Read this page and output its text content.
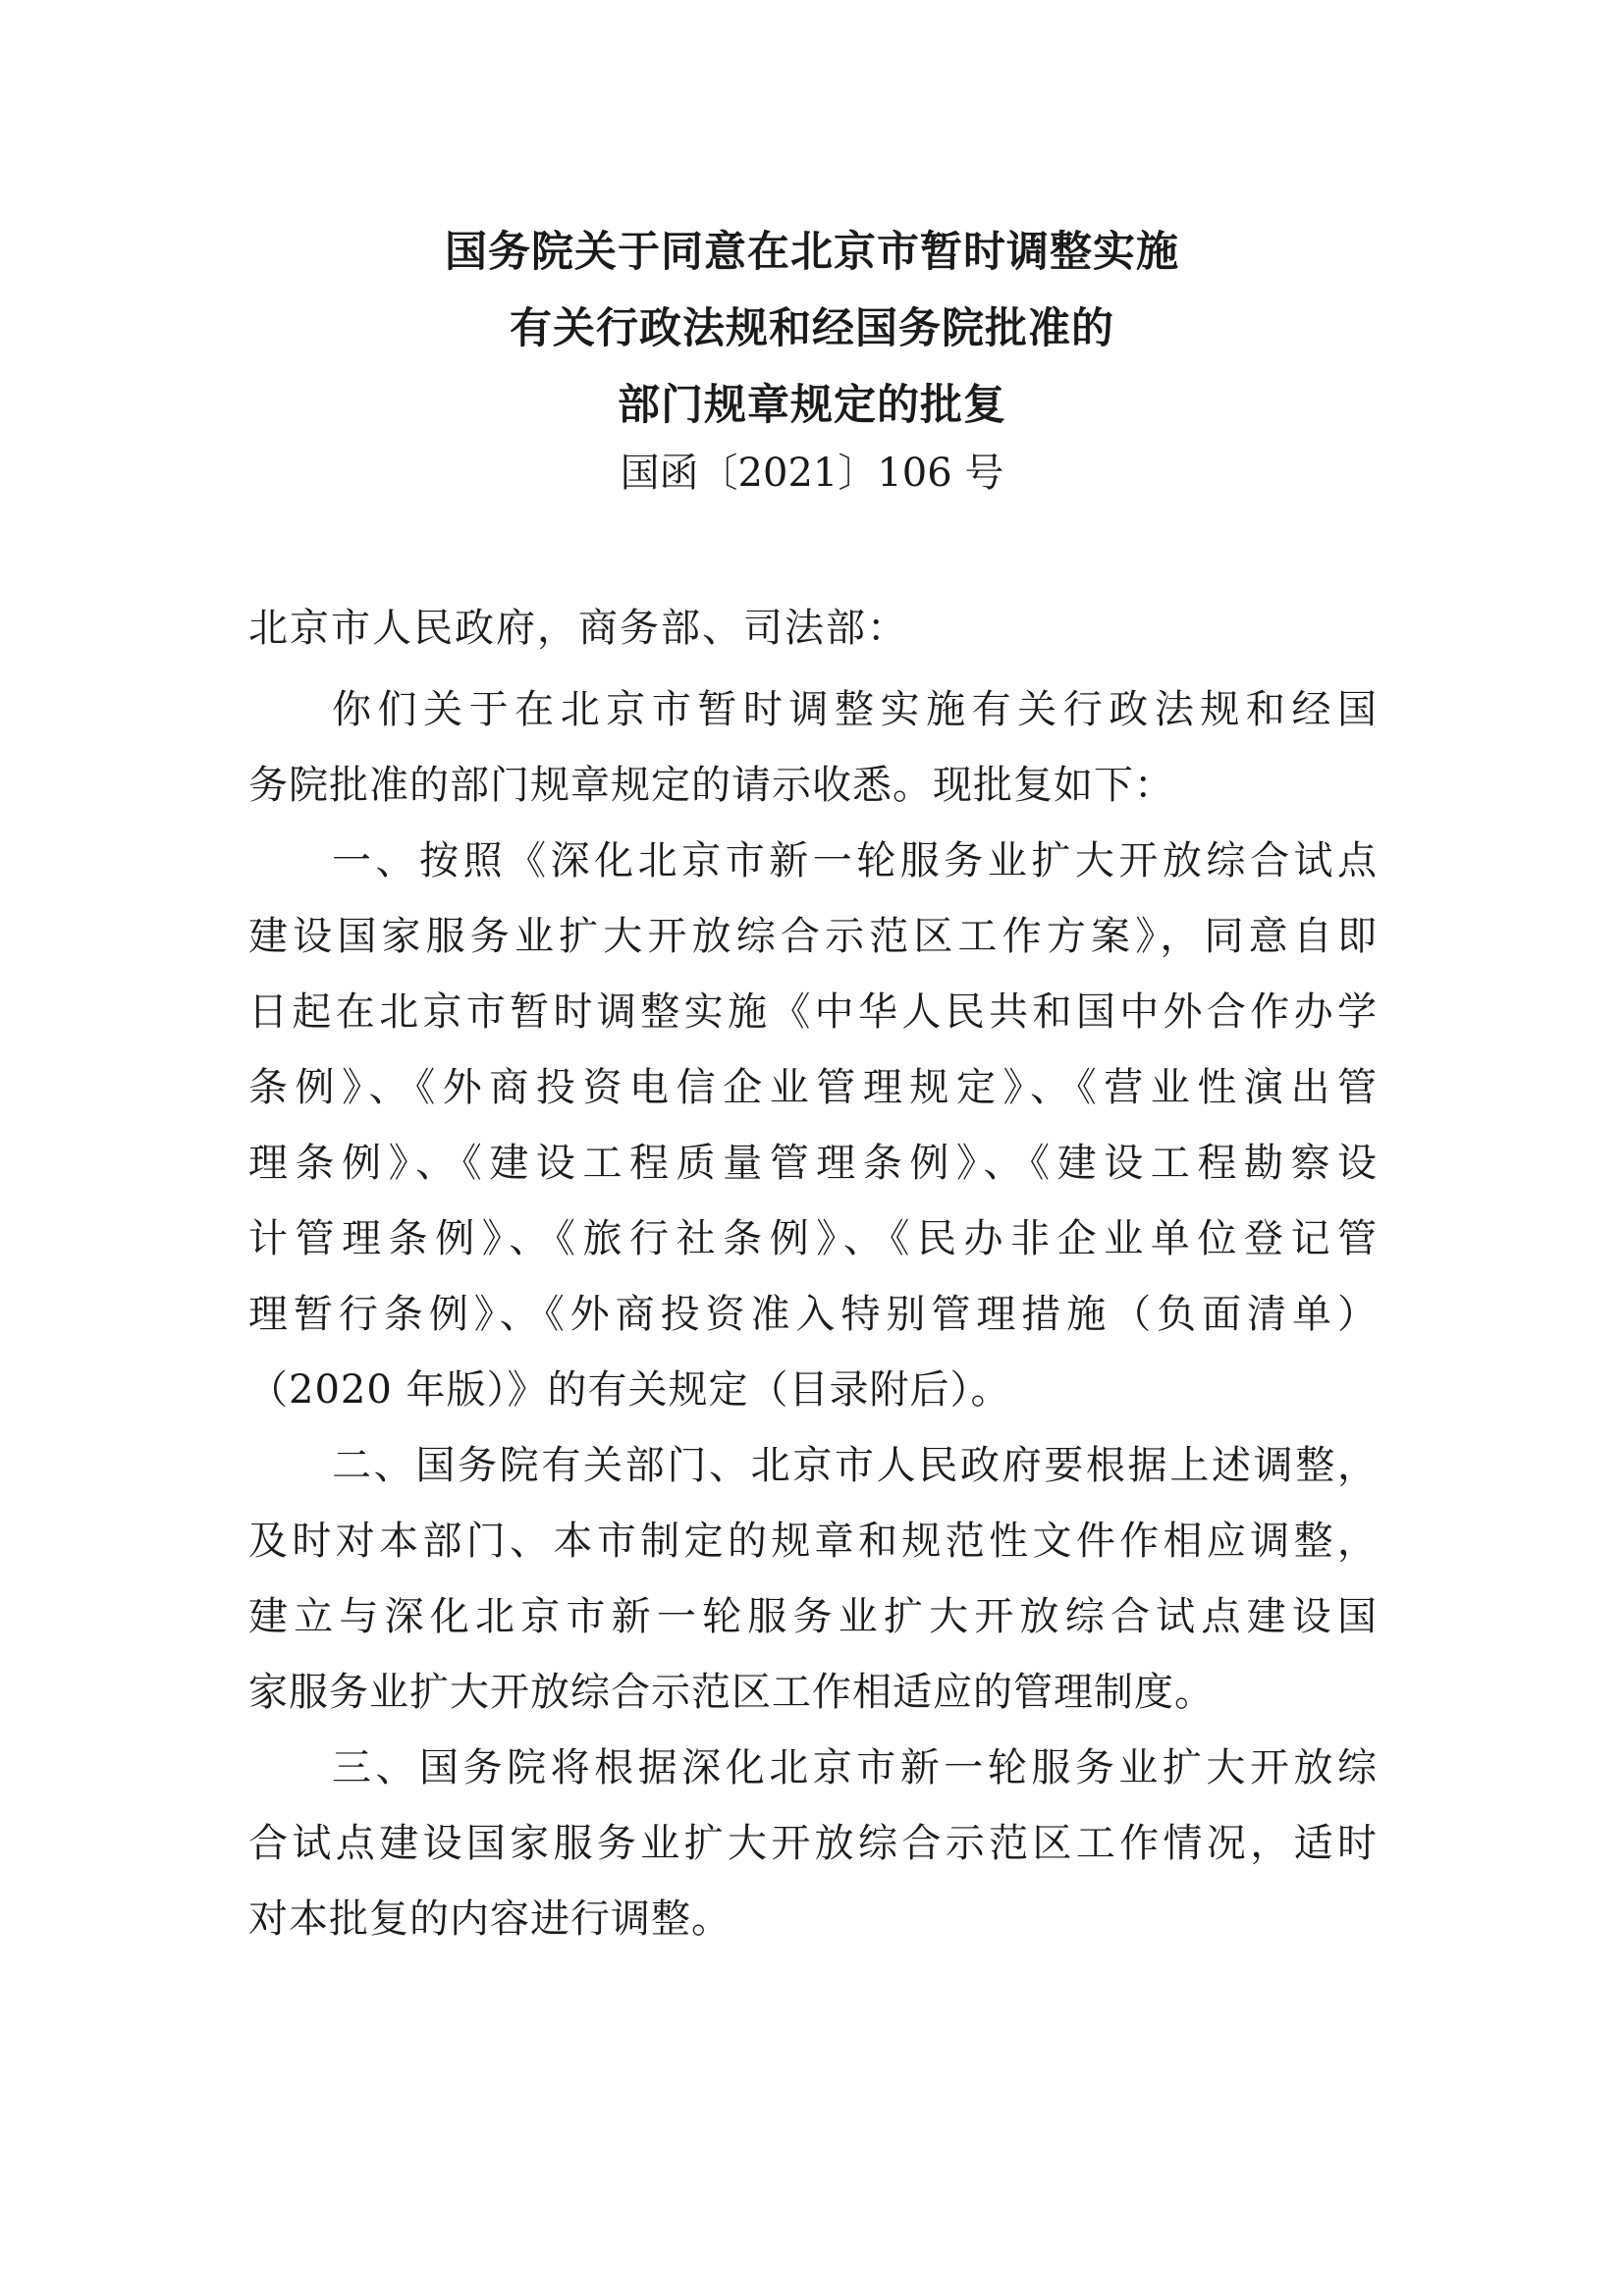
国务院关于同意在北京市暂时调整实施
有关行政法规和经国务院批准的
部门规章规定的批复
国函〔2021〕106 号
北京市人民政府，商务部、司法部：
你们关于在北京市暂时调整实施有关行政法规和经国
务院批准的部门规章规定的请示收悉。现批复如下：
一、按照《深化北京市新一轮服务业扩大开放综合试点
建设国家服务业扩大开放综合示范区工作方案》，同意自即
日起在北京市暂时调整实施《中华人民共和国中外合作办学
条例》、《外商投资电信企业管理规定》、《营业性演出管
理条例》、《建设工程质量管理条例》、《建设工程勘察设
计管理条例》、《旅行社条例》、《民办非企业单位登记管
理暂行条例》、《外商投资准入特别管理措施（负面清单）
（2020 年版）》的有关规定（目录附后）。
二、国务院有关部门、北京市人民政府要根据上述调整，
及时对本部门、本市制定的规章和规范性文件作相应调整，
建立与深化北京市新一轮服务业扩大开放综合试点建设国
家服务业扩大开放综合示范区工作相适应的管理制度。
三、国务院将根据深化北京市新一轮服务业扩大开放综
合试点建设国家服务业扩大开放综合示范区工作情况，适时
对本批复的内容进行调整。
